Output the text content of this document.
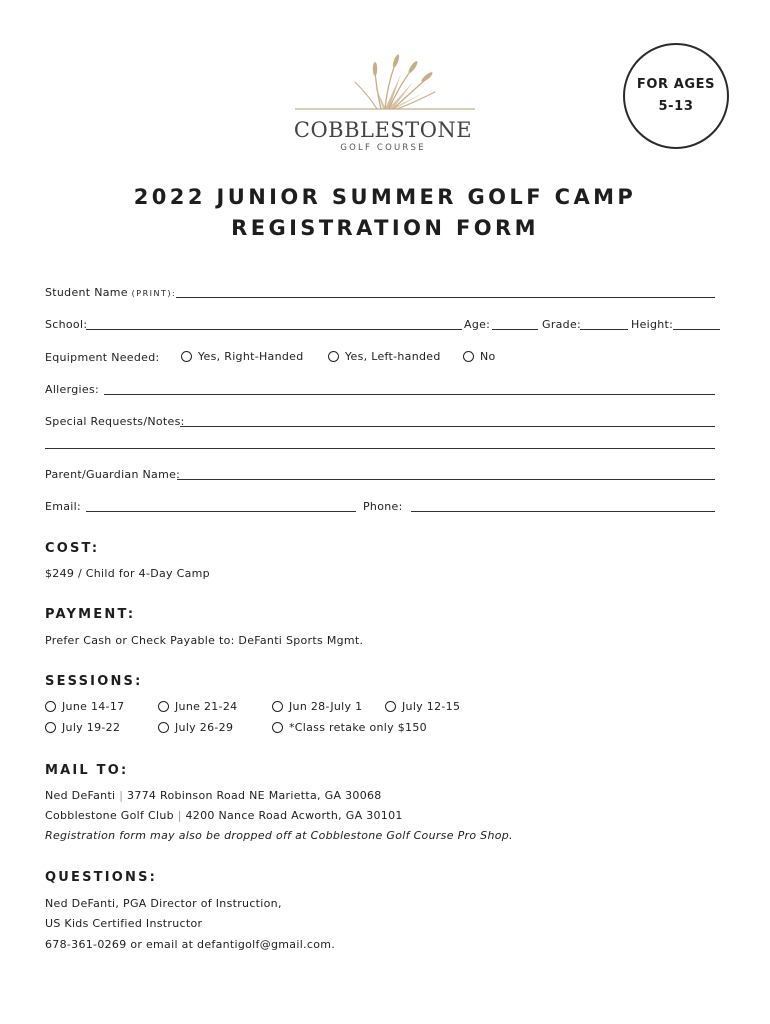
COBBLESTONE
GOLF COURSE
FOR AGES
5-13
2022 JUNIOR SUMMER GOLF CAMP
REGISTRATION FORM
Student Name (PRINT):
School:	Age:	Grade:	Height:
Equipment Needed:	Yes, Right-Handed	Yes, Left-handed	No
Allergies:
Special Requests/Notes:
Parent/Guardian Name:
Email:	Phone:
COST:
$249 / Child for 4-Day Camp
PAYMENT:
Prefer Cash or Check Payable to: DeFanti Sports Mgmt.
SESSIONS:
June 14-17	June 21-24	Jun 28-July 1	July 12-15
July 19-22	July 26-29	*Class retake only $150
MAIL TO:
Ned DeFanti | 3774 Robinson Road NE Marietta, GA 30068
Cobblestone Golf Club | 4200 Nance Road Acworth, GA 30101
Registration form may also be dropped off at Cobblestone Golf Course Pro Shop.
QUESTIONS:
Ned DeFanti, PGA Director of Instruction,
US Kids Certified Instructor
678-361-0269 or email at defantigolf@gmail.com.
